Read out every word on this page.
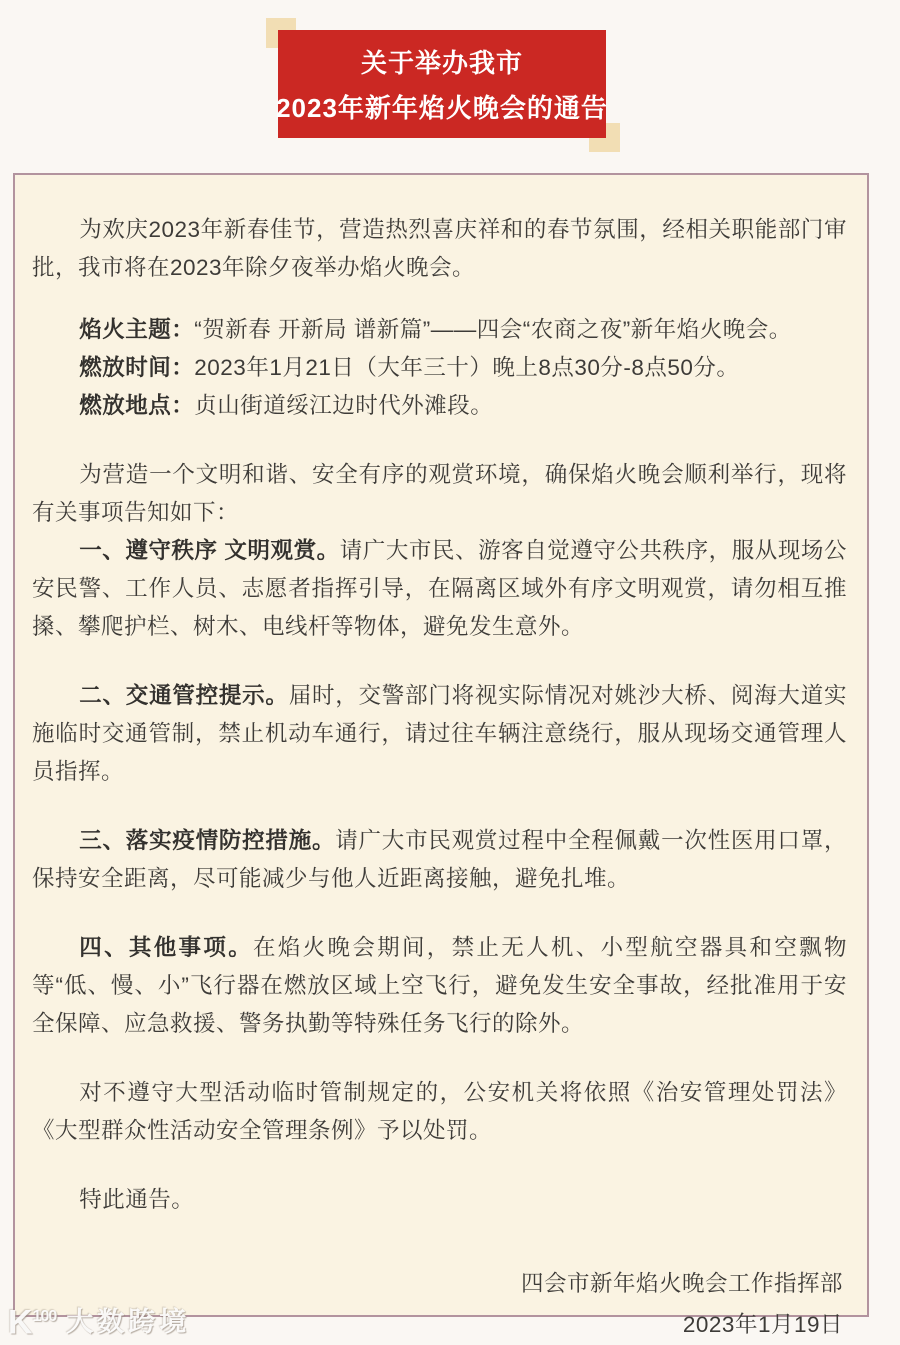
关于举办我市
2023年新年焰火晚会的通告

为欢庆2023年新春佳节，营造热烈喜庆祥和的春节氛围，经相关职能部门审批，我市将在2023年除夕夜举办焰火晚会。

焰火主题：“贺新春 开新局 谱新篇”——四会“农商之夜”新年焰火晚会。
燃放时间：2023年1月21日（大年三十）晚上8点30分-8点50分。
燃放地点：贞山街道绥江边时代外滩段。

为营造一个文明和谐、安全有序的观赏环境，确保焰火晚会顺利举行，现将有关事项告知如下：

一、遵守秩序 文明观赏。请广大市民、游客自觉遵守公共秩序，服从现场公安民警、工作人员、志愿者指挥引导，在隔离区域外有序文明观赏，请勿相互推搡、攀爬护栏、树木、电线杆等物体，避免发生意外。

二、交通管控提示。届时，交警部门将视实际情况对姚沙大桥、阅海大道实施临时交通管制，禁止机动车通行，请过往车辆注意绕行，服从现场交通管理人员指挥。

三、落实疫情防控措施。请广大市民观赏过程中全程佩戴一次性医用口罩，保持安全距离，尽可能减少与他人近距离接触，避免扎堆。

四、其他事项。在焰火晚会期间，禁止无人机、小型航空器具和空飘物等“低、慢、小”飞行器在燃放区域上空飞行，避免发生安全事故，经批准用于安全保障、应急救援、警务执勤等特殊任务飞行的除外。

对不遵守大型活动临时管制规定的，公安机关将依照《治安管理处罚法》《大型群众性活动安全管理条例》予以处罚。

特此通告。

四会市新年焰火晚会工作指挥部
2023年1月19日
$K^{100}$ 大数跨境
